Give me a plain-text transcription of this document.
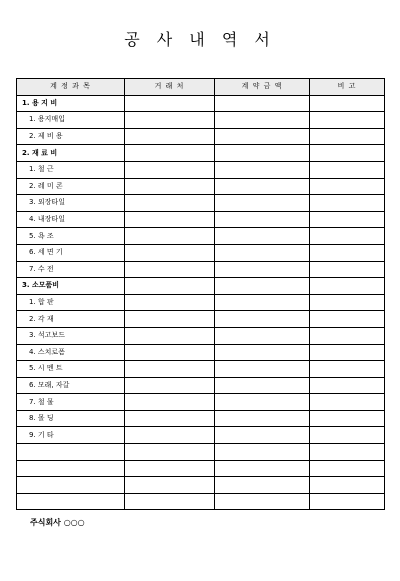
공 사 내 역 서
계 정 과 목	거 래 처	계 약 금 액	비 고
1. 용 지 비			
1. 용지매입			
2. 제 비 용			
2. 재 료 비			
1. 철 근			
2. 레 미 콘			
3. 외장타일			
4. 내장타일			
5. 욕 조			
6. 세 면 기			
7. 수 전			
3. 소모품비			
1. 합 판			
2. 각 재			
3. 석고보드			
4. 스치로폼			
5. 시 멘 트			
6. 모래, 자갈			
7. 철 물			
8. 몰 딩			
9. 기 타			

주식회사 ○○○
